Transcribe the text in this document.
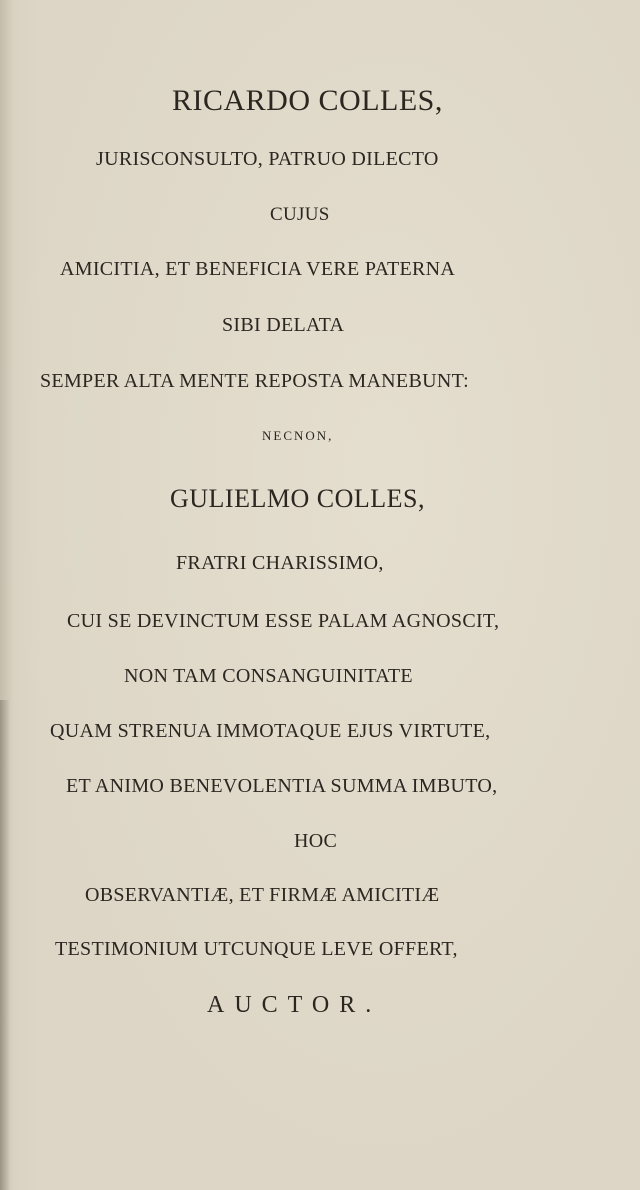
RICARDO COLLES,
JURISCONSULTO, PATRUO DILECTO
CUJUS
AMICITIA, ET BENEFICIA VERE PATERNA
SIBI DELATA
SEMPER ALTA MENTE REPOSTA MANEBUNT:
NECNON,
GULIELMO COLLES,
FRATRI CHARISSIMO,
CUI SE DEVINCTUM ESSE PALAM AGNOSCIT,
NON TAM CONSANGUINITATE
QUAM STRENUA IMMOTAQUE EJUS VIRTUTE,
ET ANIMO BENEVOLENTIA SUMMA IMBUTO,
HOC
OBSERVANTIÆ, ET FIRMÆ AMICITIÆ
TESTIMONIUM UTCUNQUE LEVE OFFERT,
AUCTOR.
